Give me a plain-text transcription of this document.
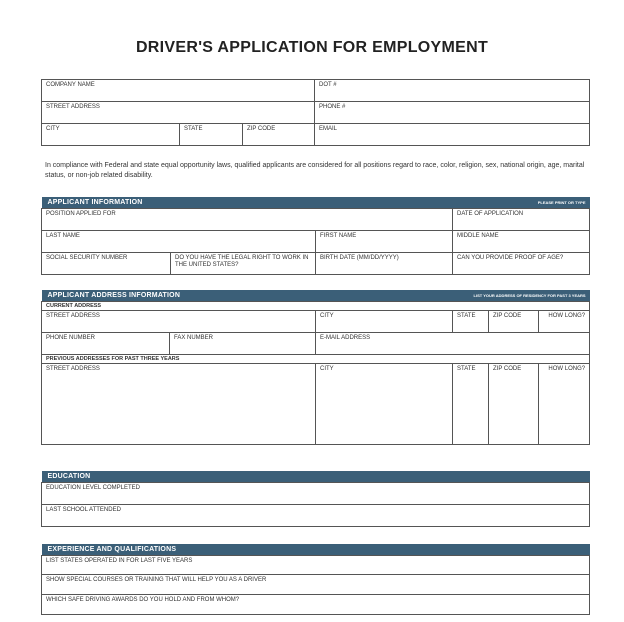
DRIVER'S APPLICATION FOR EMPLOYMENT
COMPANY NAME			DOT #
STREET ADDRESS			PHONE #
CITY	STATE	ZIP CODE	EMAIL
In compliance with Federal and state equal opportunity laws, qualified applicants are considered for all positions regard to race, color, religion, sex, national origin, age, marital status, or non-job related disability.
APPLICANT INFORMATION PLEASE PRINT OR TYPE			

POSITION APPLIED FOR			DATE OF APPLICATION
LAST NAME		FIRST NAME	MIDDLE NAME
SOCIAL SECURITY NUMBER	DO YOU HAVE THE LEGAL RIGHT TO WORK IN THE UNITED STATES?	BIRTH DATE (MM/DD/YYYY)	CAN YOU PROVIDE PROOF OF AGE?
APPLICANT ADDRESS INFORMATION LIST YOUR ADDRESS OF RESIDENCY FOR PAST 3 YEARS					

CURRENT ADDRESS					
STREET ADDRESS		CITY	STATE	ZIP CODE	HOW LONG?
PHONE NUMBER	FAX NUMBER	E-MAIL ADDRESS			
PREVIOUS ADDRESSES FOR PAST THREE YEARS					
STREET ADDRESS		CITY	STATE	ZIP CODE	HOW LONG?
EDUCATION

EDUCATION LEVEL COMPLETED
LAST SCHOOL ATTENDED
EXPERIENCE AND QUALIFICATIONS

LIST STATES OPERATED IN FOR LAST FIVE YEARS
SHOW SPECIAL COURSES OR TRAINING THAT WILL HELP YOU AS A DRIVER
WHICH SAFE DRIVING AWARDS DO YOU HOLD AND FROM WHOM?
